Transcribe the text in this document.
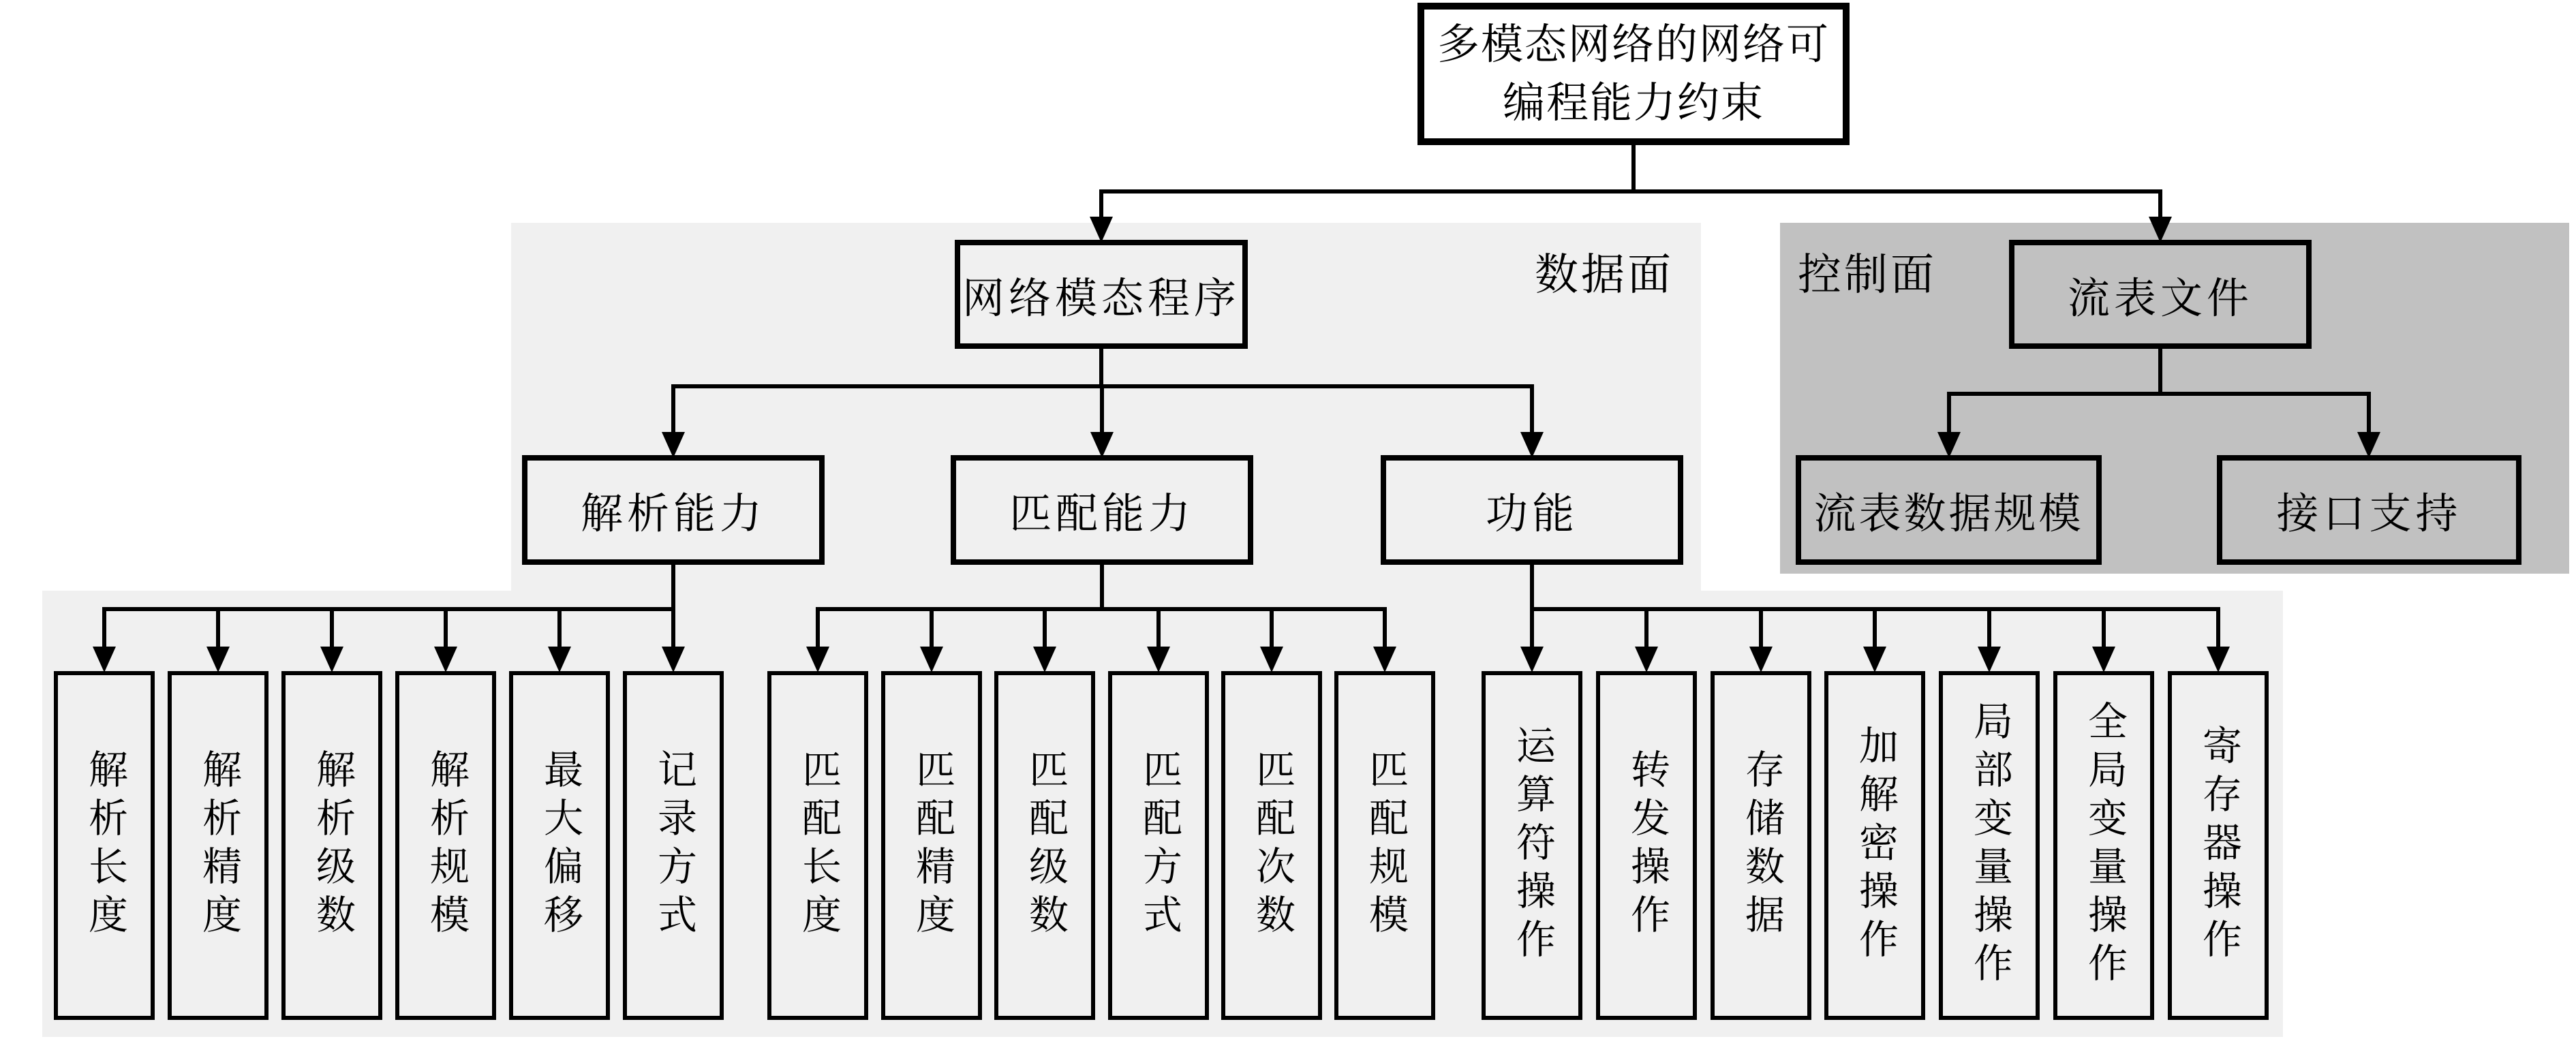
数据面	控制面
多模态网络的网络可
编程能力约束
网络模态程序	流表文件
解析能力	匹配能力	功能	流表数据规模	接口支持
解析长度	解析精度	解析级数	解析规模	最大偏移	记录方式	匹配长度	匹配精度	匹配级数	匹配方式	匹配次数	匹配规模	运算符操作	转发操作	存储数据	加解密操作	局部变量操作	全局变量操作	寄存器操作
